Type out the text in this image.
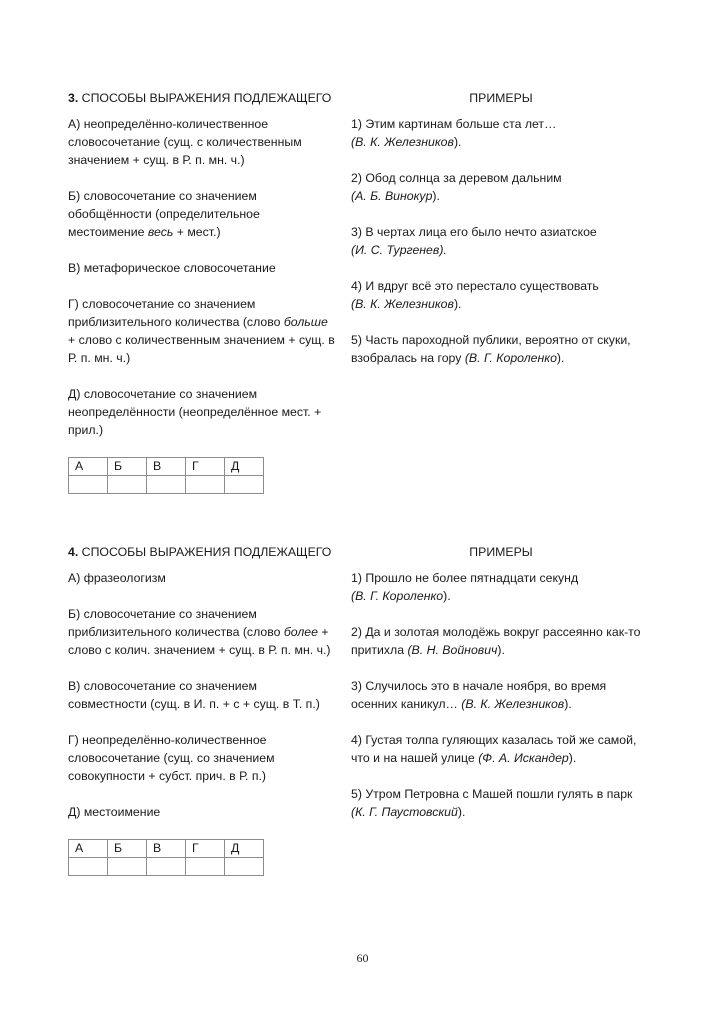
3. СПОСОБЫ ВЫРАЖЕНИЯ ПОДЛЕЖАЩЕГО

А) неопределённо-количественное словосочетание (сущ. с количественным значением + сущ. в Р. п. мн. ч.)

Б) словосочетание со значением обобщённости (определительное местоимение весь + мест.)

В) метафорическое словосочетание

Г) словосочетание со значением приблизительного количества (слово больше + слово с количественным значением + сущ. в Р. п. мн. ч.)

Д) словосочетание со значением неопределённости (неопределённое мест. + прил.)

А	Б	В	Г	Д

ПРИМЕРЫ

1) Этим картинам больше ста лет…
(В. К. Железников).

2) Обод солнца за деревом дальним
(А. Б. Винокур).

3) В чертах лица его было нечто азиатское
(И. С. Тургенев).

4) И вдруг всё это перестало существовать
(В. К. Железников).

5) Часть пароходной публики, вероятно от скуки, взобралась на гору (В. Г. Короленко).

4. СПОСОБЫ ВЫРАЖЕНИЯ ПОДЛЕЖАЩЕГО

А) фразеологизм

Б) словосочетание со значением приблизительного количества (слово более + слово с колич. значением + сущ. в Р. п. мн. ч.)

В) словосочетание со значением совместности (сущ. в И. п. + с + сущ. в Т. п.)

Г) неопределённо-количественное словосочетание (сущ. со значением совокупности + субст. прич. в Р. п.)

Д) местоимение

А	Б	В	Г	Д

ПРИМЕРЫ

1) Прошло не более пятнадцати секунд
(В. Г. Короленко).

2) Да и золотая молодёжь вокруг рассеянно как-то притихла (В. Н. Войнович).

3) Случилось это в начале ноября, во время осенних каникул… (В. К. Железников).

4) Густая толпа гуляющих казалась той же самой, что и на нашей улице (Ф. А. Искандер).

5) Утром Петровна с Машей пошли гулять в парк (К. Г. Паустовский).

60
